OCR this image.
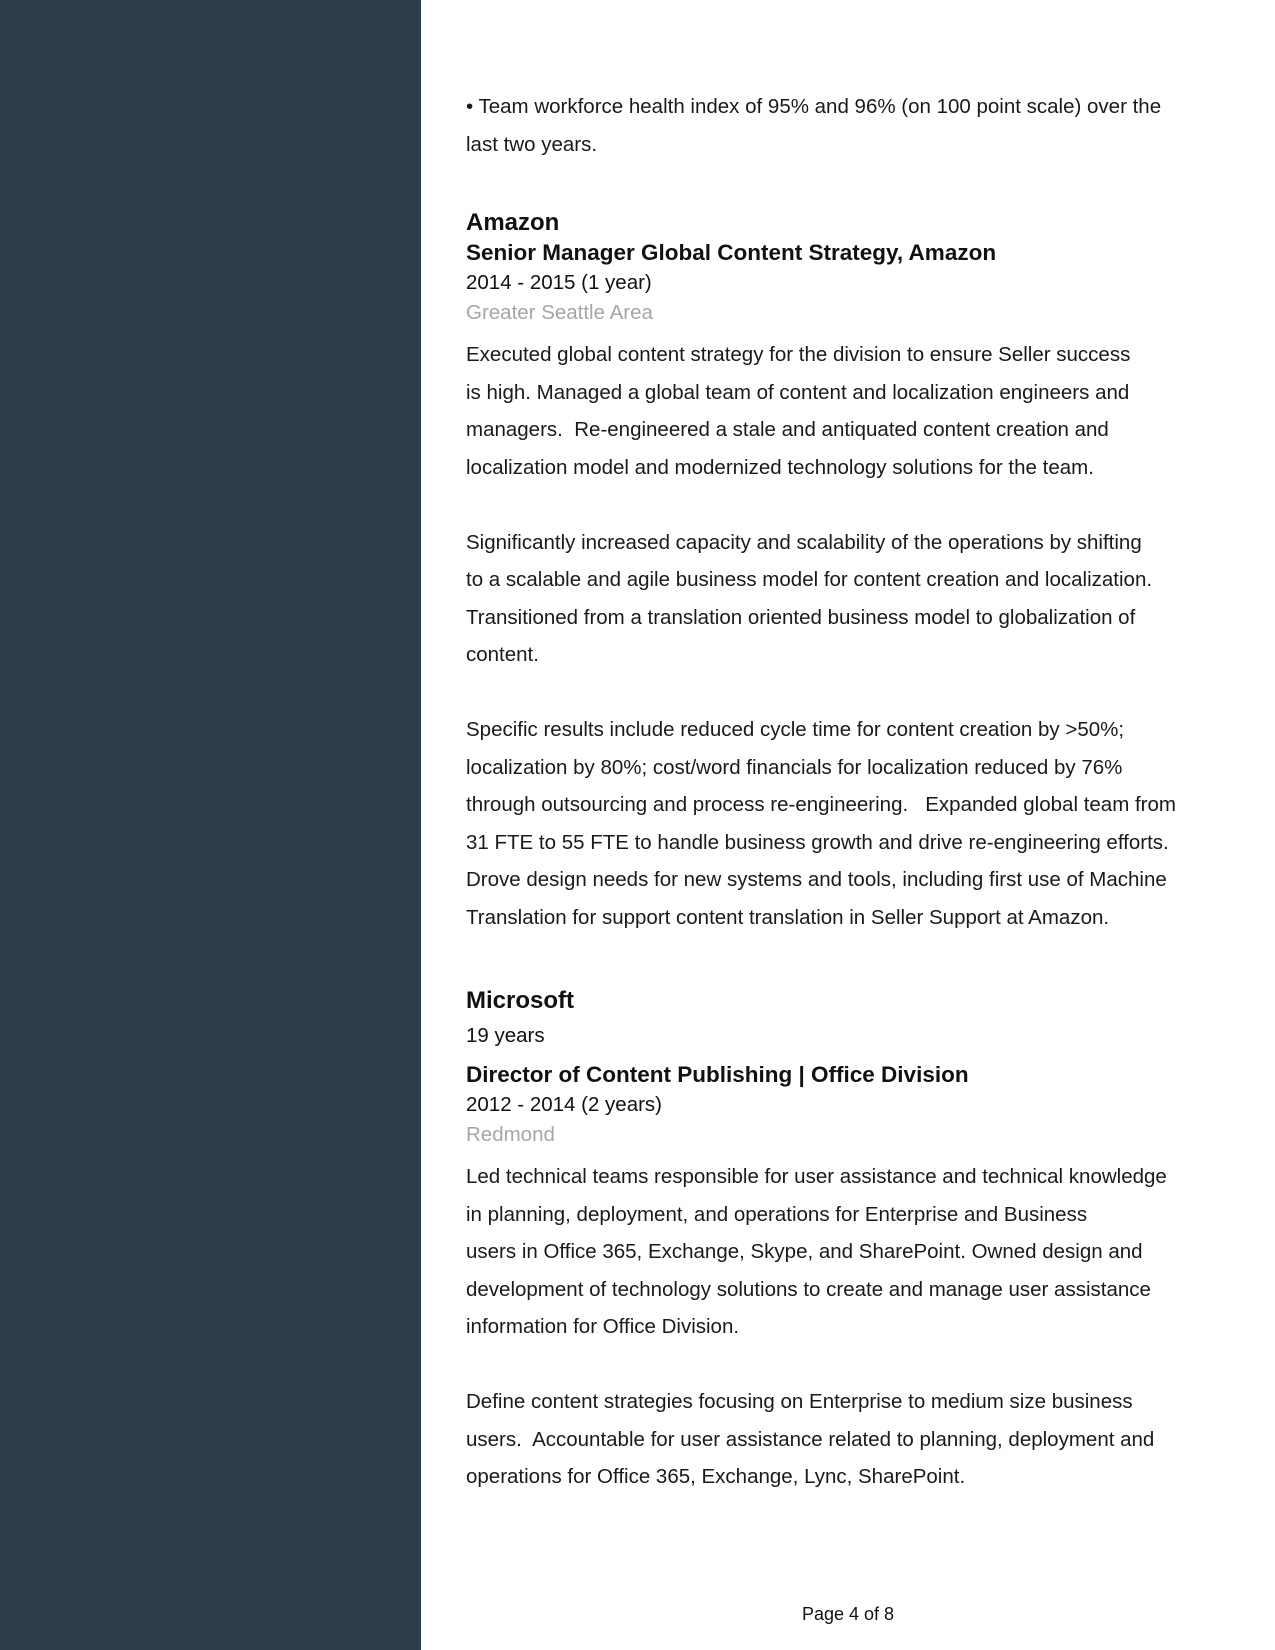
• Team workforce health index of 95% and 96% (on 100 point scale) over the

last two years.

Amazon
Senior Manager Global Content Strategy, Amazon

2014 - 2015 (1 year)

Greater Seattle Area

Executed global content strategy for the division to ensure Seller success

is high. Managed a global team of content and localization engineers and

managers.  Re-engineered a stale and antiquated content creation and

localization model and modernized technology solutions for the team.

Significantly increased capacity and scalability of the operations by shifting

to a scalable and agile business model for content creation and localization.

Transitioned from a translation oriented business model to globalization of

content.

Specific results include reduced cycle time for content creation by >50%;

localization by 80%; cost/word financials for localization reduced by 76%

through outsourcing and process re-engineering.   Expanded global team from

31 FTE to 55 FTE to handle business growth and drive re-engineering efforts.

Drove design needs for new systems and tools, including first use of Machine

Translation for support content translation in Seller Support at Amazon.

Microsoft

19 years

Director of Content Publishing | Office Division

2012 - 2014 (2 years)

Redmond

Led technical teams responsible for user assistance and technical knowledge

in planning, deployment, and operations for Enterprise and Business

users in Office 365, Exchange, Skype, and SharePoint. Owned design and

development of technology solutions to create and manage user assistance

information for Office Division.

Define content strategies focusing on Enterprise to medium size business

users.  Accountable for user assistance related to planning, deployment and

operations for Office 365, Exchange, Lync, SharePoint.

Page 4 of 8
